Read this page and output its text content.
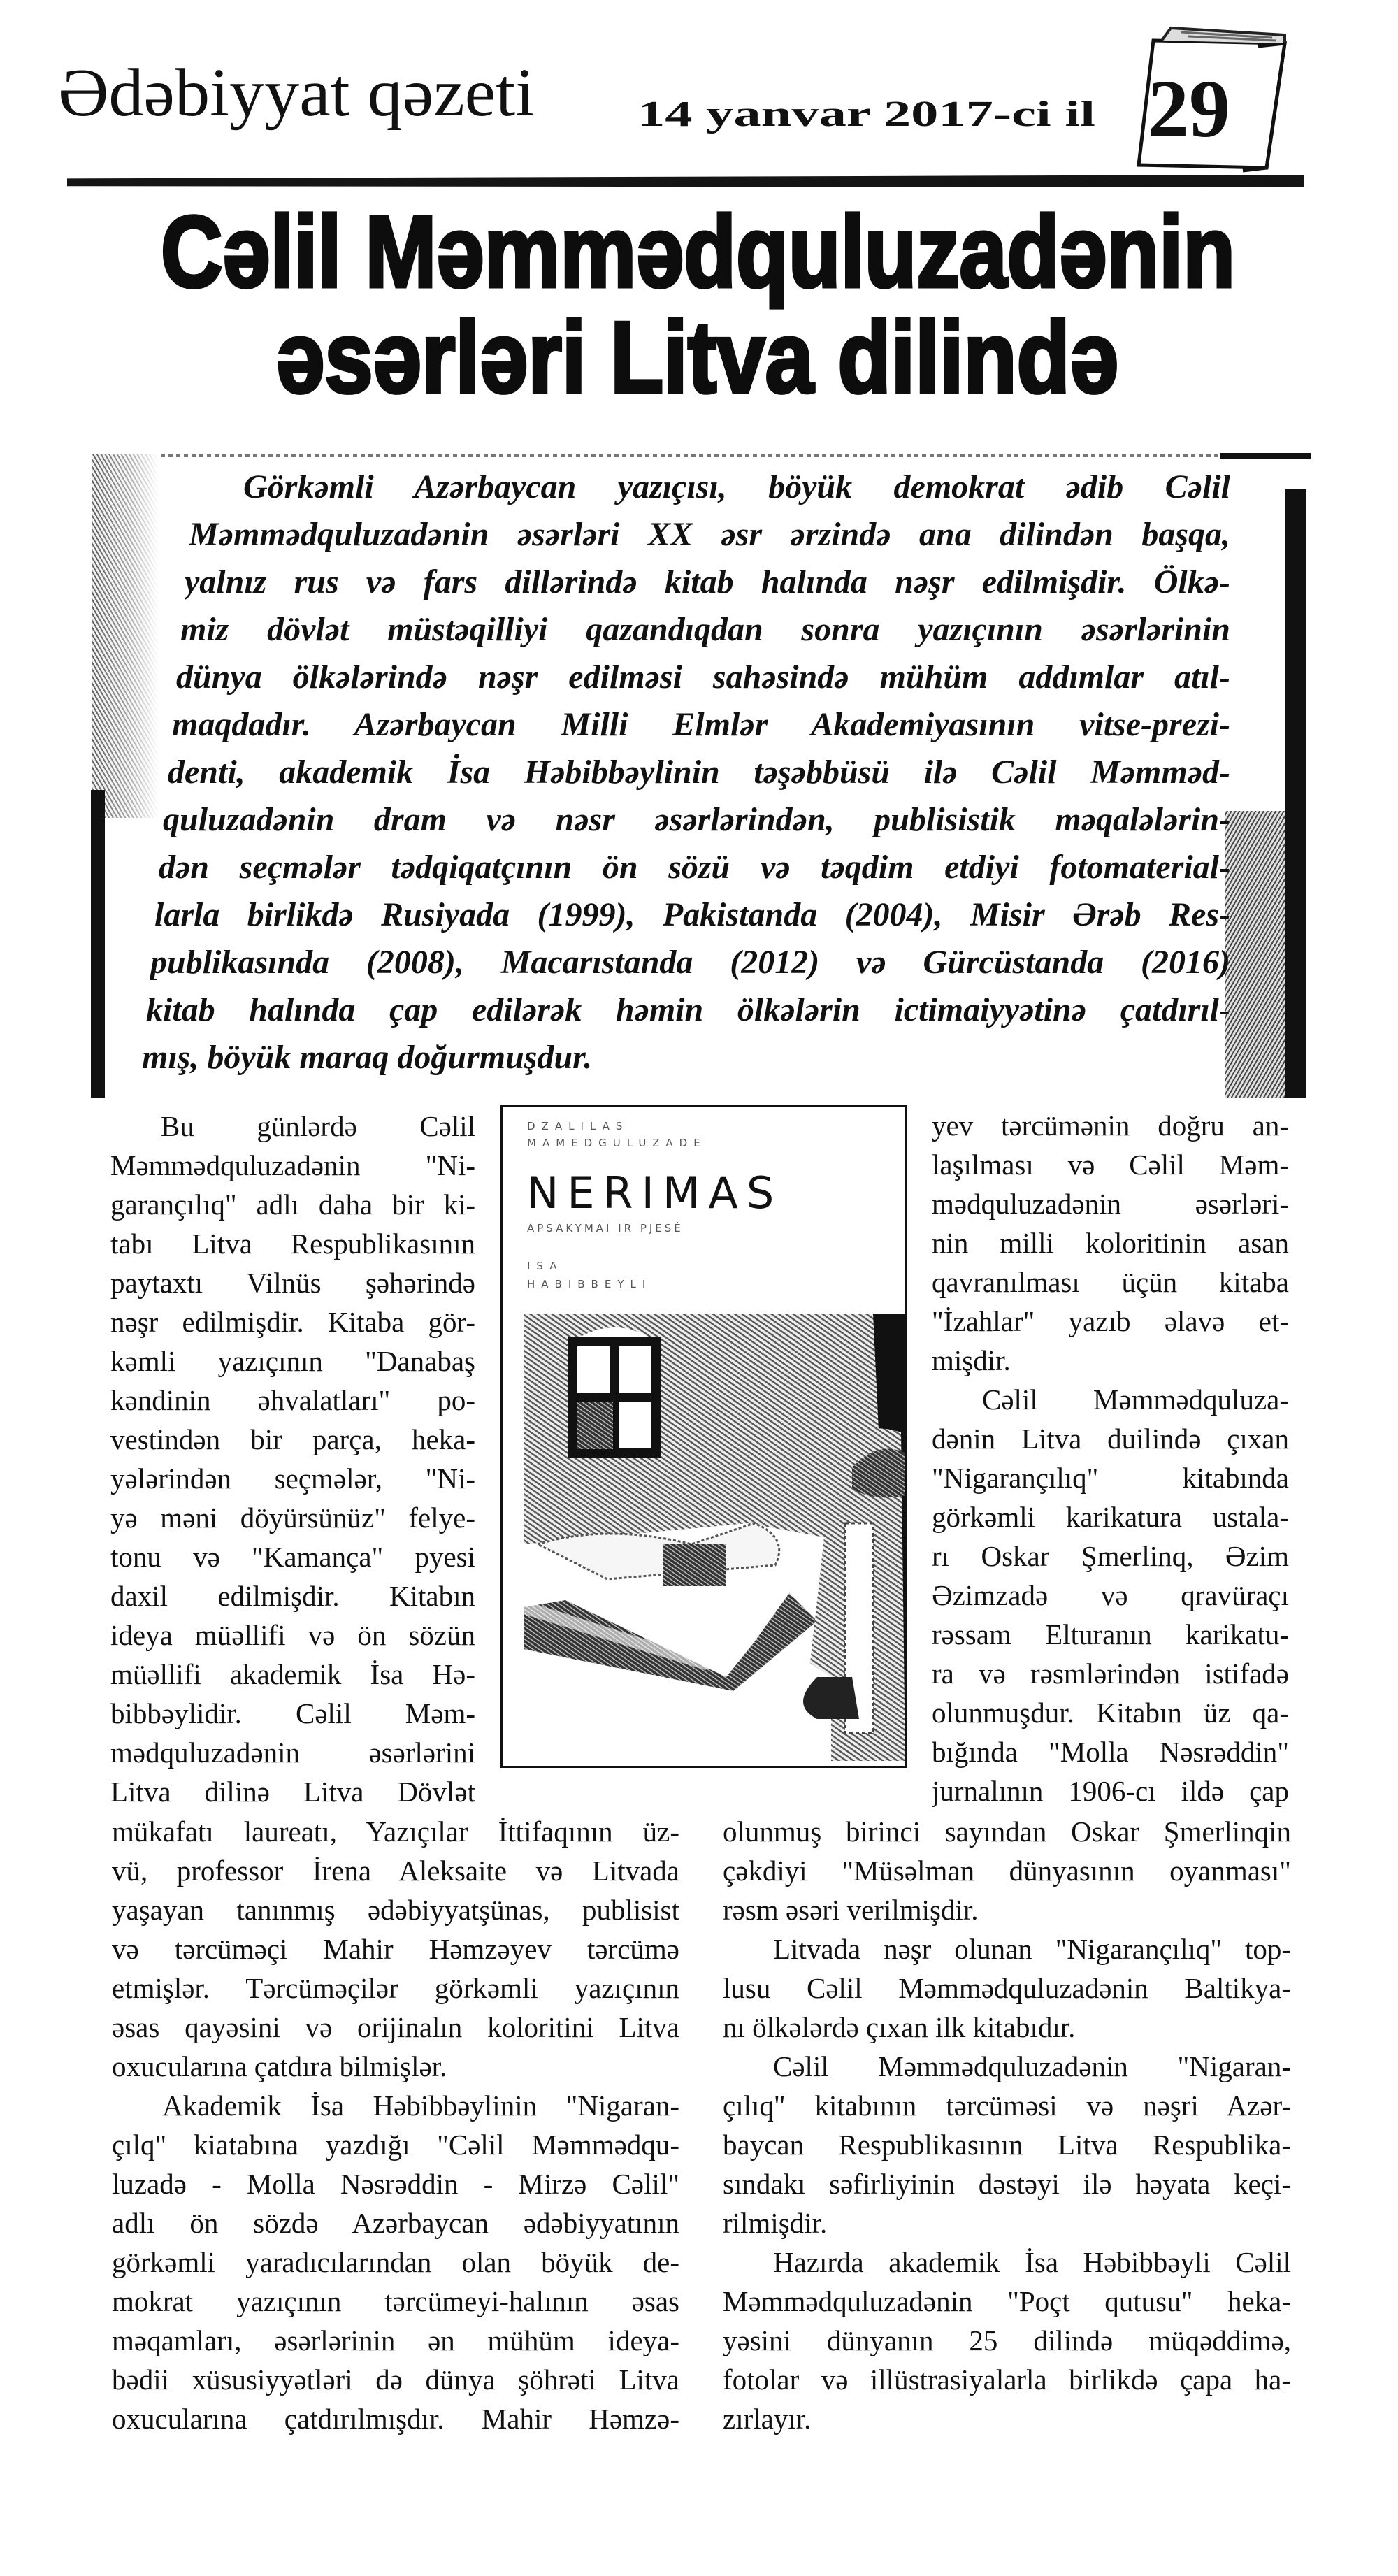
Ədəbiyyat qəzeti	14 yanvar 2017-ci il 29
Cəlil Məmmədquluzadənin
əsərləri Litva dilində
Görkəmli Azərbaycan yazıçısı, böyük demokrat ədib Cəlil
Məmmədquluzadənin əsərləri XX əsr ərzində ana dilindən başqa,
yalnız rus və fars dillərində kitab halında nəşr edilmişdir. Ölkə-
miz dövlət müstəqilliyi qazandıqdan sonra yazıçının əsərlərinin
dünya ölkələrində nəşr edilməsi sahəsində mühüm addımlar atıl-
maqdadır. Azərbaycan Milli Elmlər Akademiyasının vitse-prezi-
denti, akademik İsa Həbibbəylinin təşəbbüsü ilə Cəlil Məmməd-
quluzadənin dram və nəsr əsərlərindən, publisistik məqalələrin-
dən seçmələr tədqiqatçının ön sözü və təqdim etdiyi fotomaterial-
larla birlikdə Rusiyada (1999), Pakistanda (2004), Misir Ərəb Res-
publikasında (2008), Macarıstanda (2012) və Gürcüstanda (2016)
kitab halında çap edilərək həmin ölkələrin ictimaiyyətinə çatdırıl-
mış, böyük maraq doğurmuşdur.
Bu günlərdə Cəlil
Məmmədquluzadənin "Ni-
garançılıq" adlı daha bir ki-
tabı Litva Respublikasının
paytaxtı Vilnüs şəhərində
nəşr edilmişdir. Kitaba gör-
kəmli yazıçının "Danabaş
kəndinin əhvalatları" po-
vestindən bir parça, heka-
yələrindən seçmələr, "Ni-
yə məni döyürsünüz" felye-
tonu və "Kamança" pyesi
daxil edilmişdir. Kitabın
ideya müəllifi və ön sözün
müəllifi akademik İsa Hə-
bibbəylidir. Cəlil Məm-
mədquluzadənin əsərlərini
Litva dilinə Litva Dövlət
yev tərcümənin doğru an-
laşılması və Cəlil Məm-
mədquluzadənin əsərləri-
nin milli koloritinin asan
qavranılması üçün kitaba
"İzahlar" yazıb əlavə et-
mişdir.
Cəlil Məmmədquluza-
dənin Litva duilində çıxan
"Nigarançılıq" kitabında
görkəmli karikatura ustala-
rı Oskar Şmerlinq, Əzim
Əzimzadə və qravüraçı
rəssam Elturanın karikatu-
ra və rəsmlərindən istifadə
olunmuşdur. Kitabın üz qa-
bığında "Molla Nəsrəddin"
jurnalının 1906-cı ildə çap
mükafatı laureatı, Yazıçılar İttifaqının üz-
vü, professor İrena Aleksaite və Litvada
yaşayan tanınmış ədəbiyyatşünas, publisist
və tərcüməçi Mahir Həmzəyev tərcümə
etmişlər. Tərcüməçilər görkəmli yazıçının
əsas qayəsini və orijinalın koloritini Litva
oxucularına çatdıra bilmişlər.
Akademik İsa Həbibbəylinin "Nigaran-
çılq" kiatabına yazdığı "Cəlil Məmmədqu-
luzadə - Molla Nəsrəddin - Mirzə Cəlil"
adlı ön sözdə Azərbaycan ədəbiyyatının
görkəmli yaradıcılarından olan böyük de-
mokrat yazıçının tərcümeyi-halının əsas
məqamları, əsərlərinin ən mühüm ideya-
bədii xüsusiyyətləri də dünya şöhrəti Litva
oxucularına çatdırılmışdır. Mahir Həmzə-
olunmuş birinci sayından Oskar Şmerlinqin
çəkdiyi "Müsəlman dünyasının oyanması"
rəsm əsəri verilmişdir.
Litvada nəşr olunan "Nigarançılıq" top-
lusu Cəlil Məmmədquluzadənin Baltikya-
nı ölkələrdə çıxan ilk kitabıdır.
Cəlil Məmmədquluzadənin "Nigaran-
çılıq" kitabının tərcüməsi və nəşri Azər-
baycan Respublikasının Litva Respublika-
sındakı səfirliyinin dəstəyi ilə həyata keçi-
rilmişdir.
Hazırda akademik İsa Həbibbəyli Cəlil
Məmmədquluzadənin "Poçt qutusu" heka-
yəsini dünyanın 25 dilində müqəddimə,
fotolar və illüstrasiyalarla birlikdə çapa ha-
zırlayır.
DZALILAS
MAMEDGULUZADE
NERIMAS
APSAKYMAI IR PJESĖ
ISA
HABIBBEYLI
